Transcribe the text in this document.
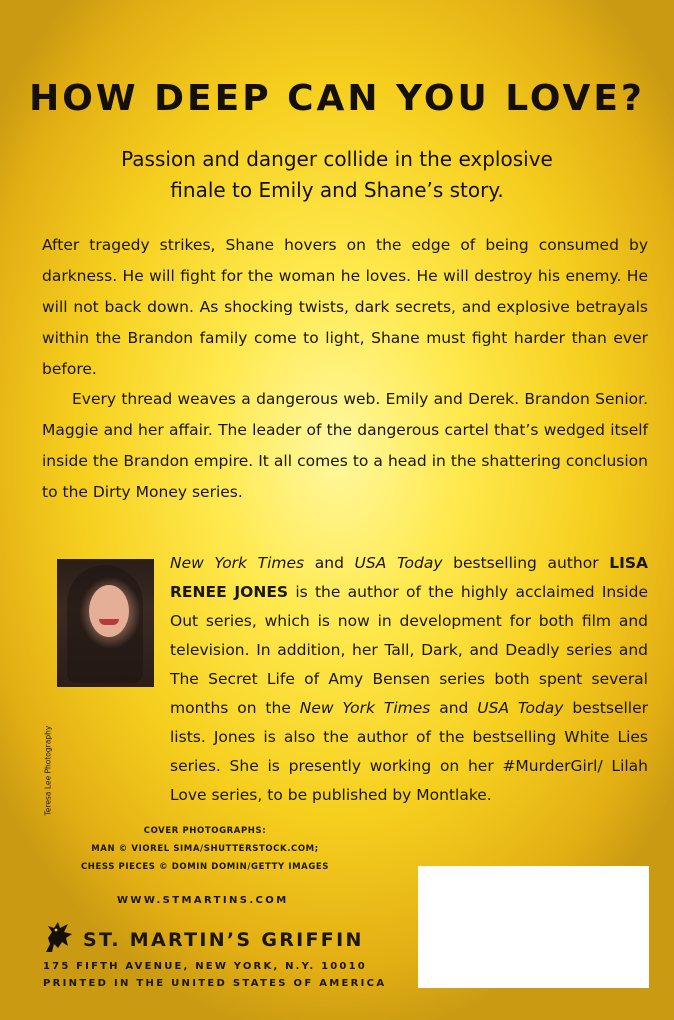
HOW DEEP CAN YOU LOVE?
Passion and danger collide in the explosive
finale to Emily and Shane’s story.

After tragedy strikes, Shane hovers on the edge of being consumed by darkness. He will fight for the woman he loves. He will destroy his enemy. He will not back down. As shocking twists, dark secrets, and explosive betrayals within the Brandon family come to light, Shane must fight harder than ever before.

Every thread weaves a dangerous web. Emily and Derek. Brandon Senior. Maggie and her affair. The leader of the dangerous cartel that’s wedged itself inside the Brandon empire. It all comes to a head in the shattering conclusion to the Dirty Money series.

Teresa Lee Photography
New York Times and USA Today bestselling author LISA RENEE JONES is the author of the highly acclaimed Inside Out series, which is now in development for both film and television. In addition, her Tall, Dark, and Deadly series and The Secret Life of Amy Bensen series both spent several months on the New York Times and USA Today bestseller lists. Jones is also the author of the bestselling White Lies series. She is presently working on her #MurderGirl/ Lilah Love series, to be published by Montlake.
COVER PHOTOGRAPHS:
MAN © VIOREL SIMA/SHUTTERSTOCK.COM;
CHESS PIECES © DOMIN DOMIN/GETTY IMAGES
WWW.STMARTINS.COM
ST. MARTIN’S GRIFFIN
175 FIFTH AVENUE, NEW YORK, N.Y. 10010
PRINTED IN THE UNITED STATES OF AMERICA
